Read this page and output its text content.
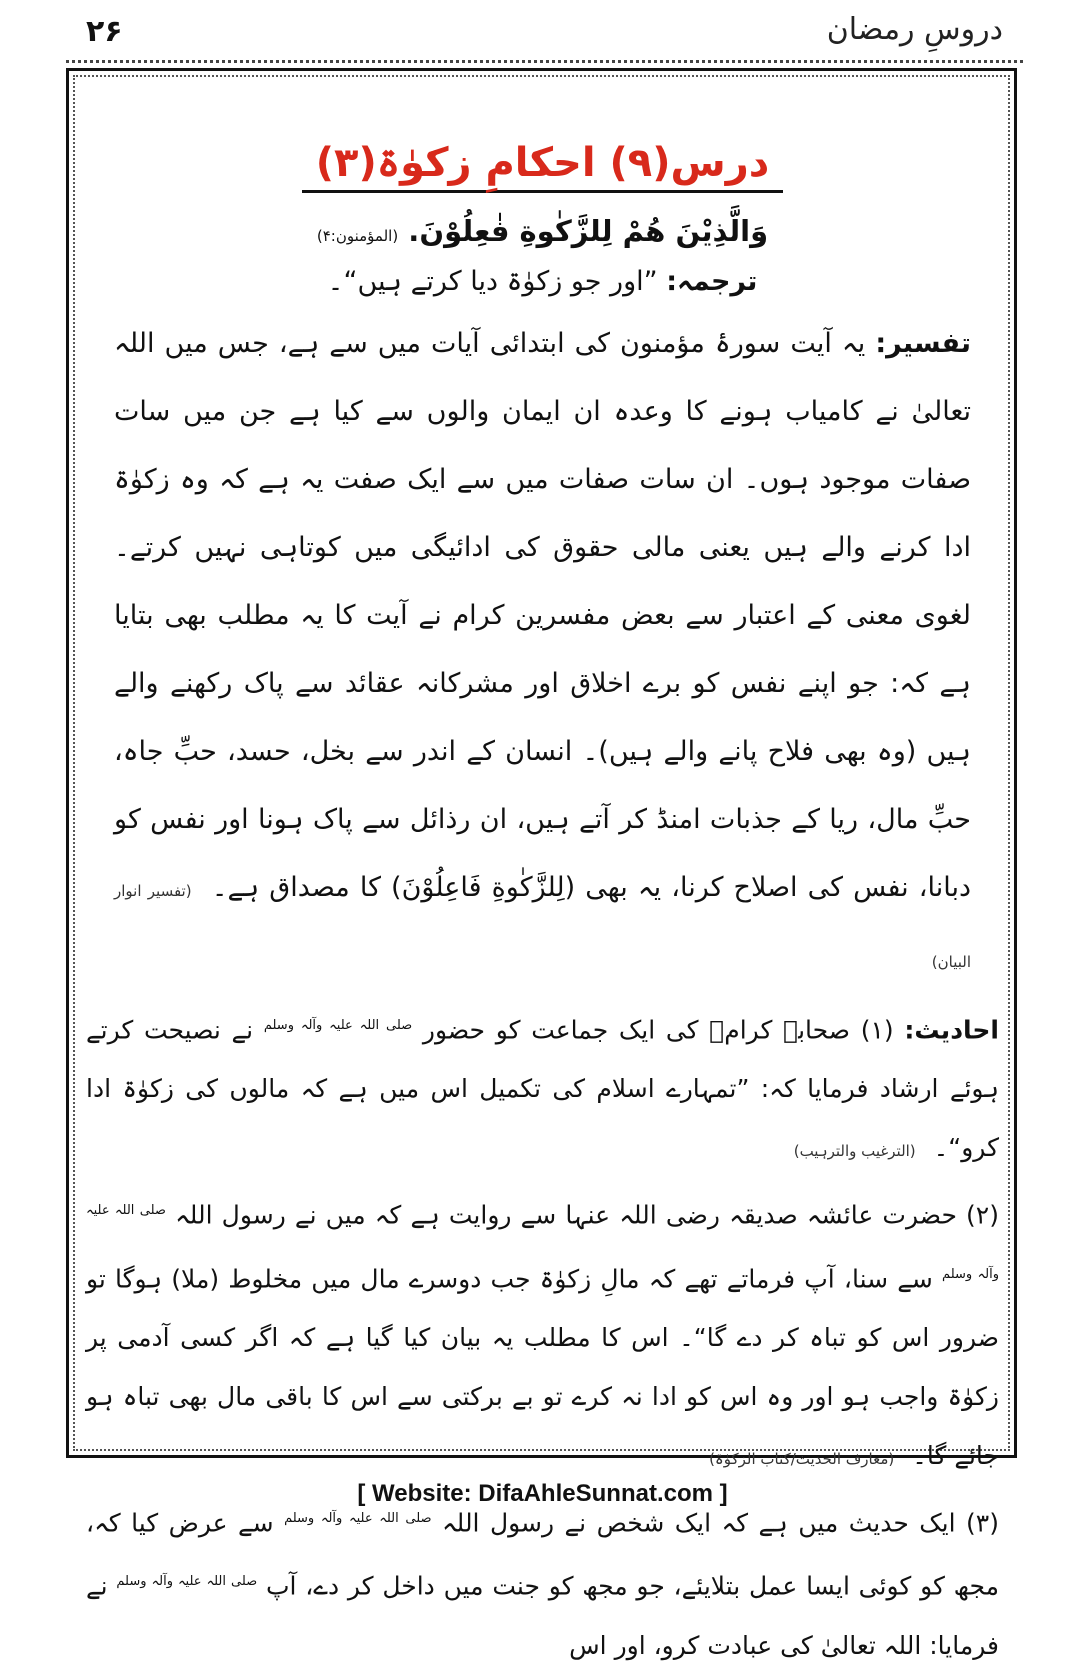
دروسِ رمضان
۲۶
درس(۹) احکامِ زکوٰۃ(۳)
وَالَّذِیْنَ هُمْ لِلزَّكٰوةِ فٰعِلُوْنَ. (المؤمنون:۴)
ترجمہ: ”اور جو زکوٰۃ دیا کرتے ہیں“۔

تفسیر: یہ آیت سورۂ مؤمنون کی ابتدائی آیات میں سے ہے، جس میں اللہ تعالیٰ نے کامیاب ہونے کا وعدہ ان ایمان والوں سے کیا ہے جن میں سات صفات موجود ہوں۔ ان سات صفات میں سے ایک صفت یہ ہے کہ وہ زکوٰۃ ادا کرنے والے ہیں یعنی مالی حقوق کی ادائیگی میں کوتاہی نہیں کرتے۔ لغوی معنی کے اعتبار سے بعض مفسرین کرام نے آیت کا یہ مطلب بھی بتایا ہے کہ: جو اپنے نفس کو برے اخلاق اور مشرکانہ عقائد سے پاک رکھنے والے ہیں (وہ بھی فلاح پانے والے ہیں)۔ انسان کے اندر سے بخل، حسد، حبِّ جاہ، حبِّ مال، ریا کے جذبات امنڈ کر آتے ہیں، ان رذائل سے پاک ہونا اور نفس کو دبانا، نفس کی اصلاح کرنا، یہ بھی (لِلزَّكٰوةِ فَاعِلُوْنَ) کا مصداق ہے۔ (تفسیر انوار البیان)

احادیث: (۱) صحابہ کرامؓ کی ایک جماعت کو حضور $^{صلی اللہ علیہ وآلہ وسلم}$ نے نصیحت کرتے ہوئے ارشاد فرمایا کہ: ”تمہارے اسلام کی تکمیل اس میں ہے کہ مالوں کی زکوٰۃ ادا کرو“۔ (الترغیب والترہیب)

(۲) حضرت عائشہ صدیقہ رضی اللہ عنہا سے روایت ہے کہ میں نے رسول اللہ $^{صلی اللہ علیہ وآلہ وسلم}$ سے سنا، آپ فرماتے تھے کہ مالِ زکوٰۃ جب دوسرے مال میں مخلوط (ملا) ہوگا تو ضرور اس کو تباہ کر دے گا“۔ اس کا مطلب یہ بیان کیا گیا ہے کہ اگر کسی آدمی پر زکوٰۃ واجب ہو اور وہ اس کو ادا نہ کرے تو بے برکتی سے اس کا باقی مال بھی تباہ ہو جائے گا۔ (معارف الحدیث/کتاب الزکوٰۃ)

(۳) ایک حدیث میں ہے کہ ایک شخص نے رسول اللہ $^{صلی اللہ علیہ وآلہ وسلم}$ سے عرض کیا کہ، مجھ کو کوئی ایسا عمل بتلایئے، جو مجھ کو جنت میں داخل کر دے، آپ $^{صلی اللہ علیہ وآلہ وسلم}$ نے فرمایا: اللہ تعالیٰ کی عبادت کرو، اور اس

[ Website: DifaAhleSunnat.com ]
